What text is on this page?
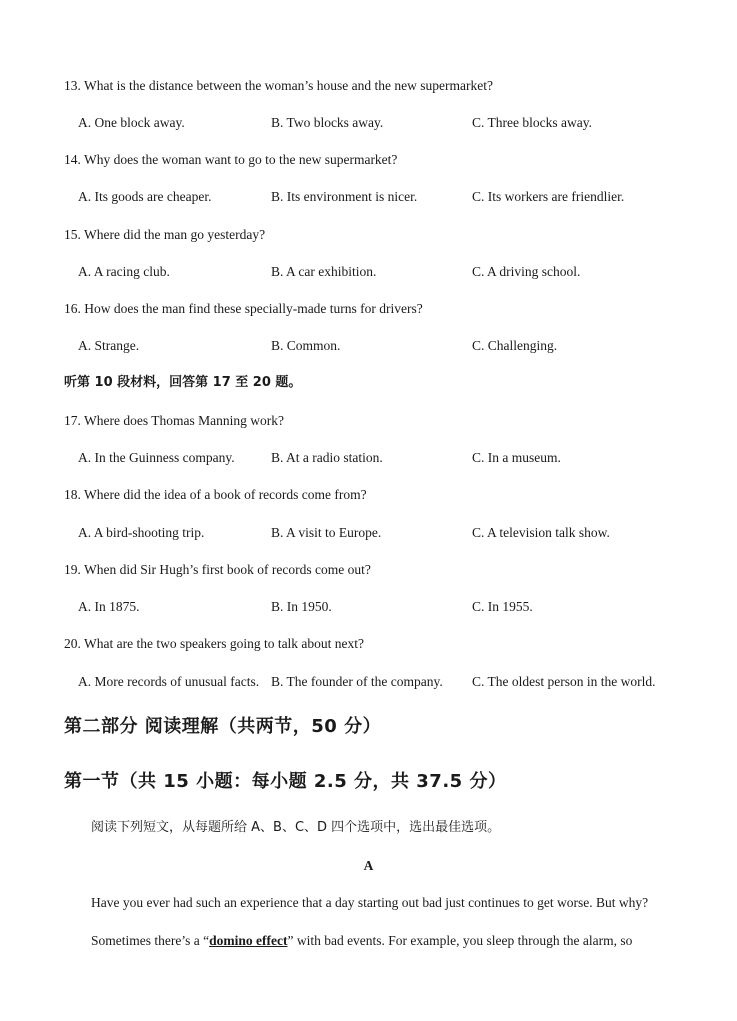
13. What is the distance between the woman’s house and the new supermarket?
A. One block away.	B. Two blocks away.	C. Three blocks away.
14. Why does the woman want to go to the new supermarket?
A. Its goods are cheaper.	B. Its environment is nicer.	C. Its workers are friendlier.
15. Where did the man go yesterday?
A. A racing club.	B. A car exhibition.	C. A driving school.
16. How does the man find these specially-made turns for drivers?
A. Strange.	B. Common.	C. Challenging.
听第 10 段材料，回答第 17 至 20 题。
17. Where does Thomas Manning work?
A. In the Guinness company.	B. At a radio station.	C. In a museum.
18. Where did the idea of a book of records come from?
A. A bird-shooting trip.	B. A visit to Europe.	C. A television talk show.
19. When did Sir Hugh’s first book of records come out?
A. In 1875.	B. In 1950.	C. In 1955.
20. What are the two speakers going to talk about next?
A. More records of unusual facts. B. The founder of the company. C. The oldest person in the world.
第二部分 阅读理解（共两节，50 分）
第一节（共 15 小题：每小题 2.5 分，共 37.5 分）
阅读下列短文，从每题所给 A、B、C、D 四个选项中，选出最佳选项。
A
Have you ever had such an experience that a day starting out bad just continues to get worse. But why?
Sometimes there’s a “domino effect” with bad events. For example, you sleep through the alarm, so
